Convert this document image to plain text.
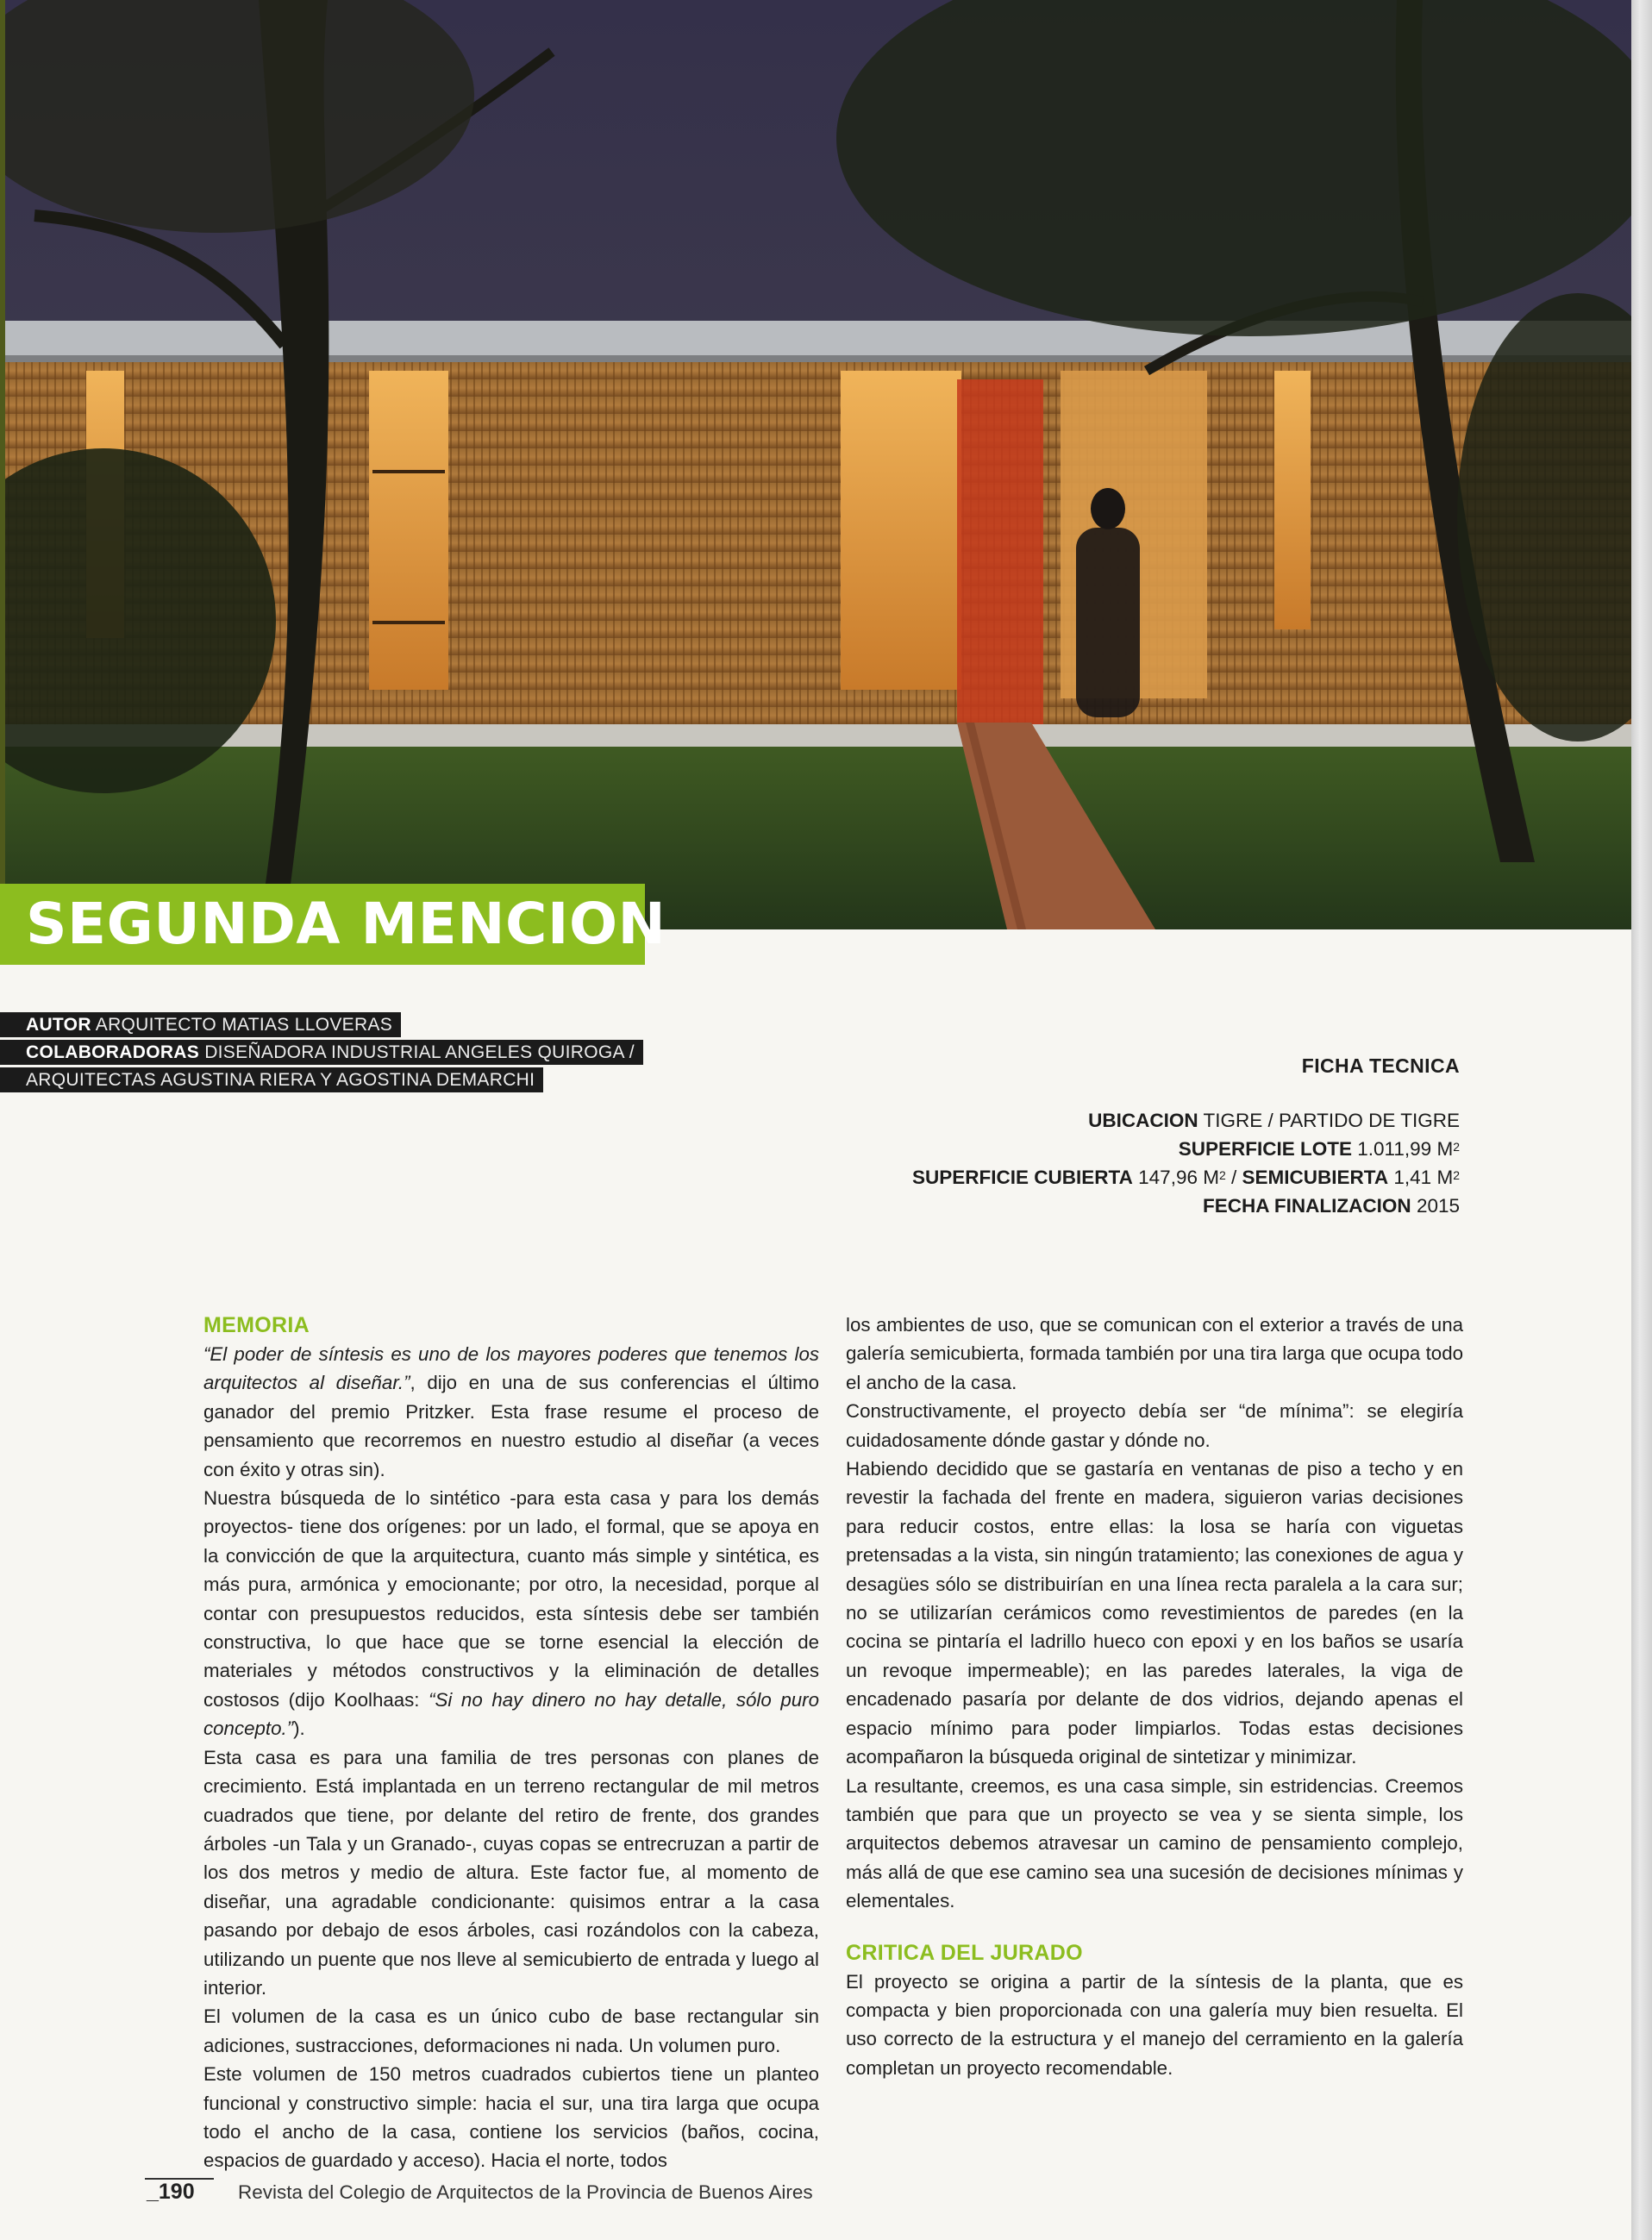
SEGUNDA MENCION
AUTOR ARQUITECTO MATIAS LLOVERAS
COLABORADORAS DISEÑADORA INDUSTRIAL ANGELES QUIROGA /
ARQUITECTAS AGUSTINA RIERA Y AGOSTINA DEMARCHI
FICHA TECNICA
UBICACION TIGRE / PARTIDO DE TIGRE
SUPERFICIE LOTE 1.011,99 $M^2$
SUPERFICIE CUBIERTA 147,96 $M^2$ / SEMICUBIERTA 1,41 $M^2$
FECHA FINALIZACION 2015
MEMORIA

“El poder de síntesis es uno de los mayores poderes que tenemos los arquitectos al diseñar.”, dijo en una de sus conferencias el último ganador del premio Pritzker. Esta frase resume el proceso de pensamiento que recorremos en nuestro estudio al diseñar (a veces con éxito y otras sin).

Nuestra búsqueda de lo sintético -para esta casa y para los demás proyectos- tiene dos orígenes: por un lado, el formal, que se apoya en la convicción de que la arquitectura, cuanto más simple y sintética, es más pura, armónica y emocionante; por otro, la necesidad, porque al contar con presupuestos reducidos, esta síntesis debe ser también constructiva, lo que hace que se torne esencial la elección de materiales y métodos constructivos y la eliminación de detalles costosos (dijo Koolhaas: “Si no hay dinero no hay detalle, sólo puro concepto.”).

Esta casa es para una familia de tres personas con planes de crecimiento. Está implantada en un terreno rectangular de mil metros cuadrados que tiene, por delante del retiro de frente, dos grandes árboles -un Tala y un Granado-, cuyas copas se entrecruzan a partir de los dos metros y medio de altura. Este factor fue, al momento de diseñar, una agradable condicionante: quisimos entrar a la casa pasando por debajo de esos árboles, casi rozándolos con la cabeza, utilizando un puente que nos lleve al semicubierto de entrada y luego al interior.

El volumen de la casa es un único cubo de base rectangular sin adiciones, sustracciones, deformaciones ni nada. Un volumen puro.

Este volumen de 150 metros cuadrados cubiertos tiene un planteo funcional y constructivo simple: hacia el sur, una tira larga que ocupa todo el ancho de la casa, contiene los servicios (baños, cocina, espacios de guardado y acceso). Hacia el norte, todos

los ambientes de uso, que se comunican con el exterior a través de una galería semicubierta, formada también por una tira larga que ocupa todo el ancho de la casa.

Constructivamente, el proyecto debía ser “de mínima”: se elegiría cuidadosamente dónde gastar y dónde no.

Habiendo decidido que se gastaría en ventanas de piso a techo y en revestir la fachada del frente en madera, siguieron varias decisiones para reducir costos, entre ellas: la losa se haría con viguetas pretensadas a la vista, sin ningún tratamiento; las conexiones de agua y desagües sólo se distribuirían en una línea recta paralela a la cara sur; no se utilizarían cerámicos como revestimientos de paredes (en la cocina se pintaría el ladrillo hueco con epoxi y en los baños se usaría un revoque impermeable); en las paredes laterales, la viga de encadenado pasaría por delante de dos vidrios, dejando apenas el espacio mínimo para poder limpiarlos. Todas estas decisiones acompañaron la búsqueda original de sintetizar y minimizar.

La resultante, creemos, es una casa simple, sin estridencias. Creemos también que para que un proyecto se vea y se sienta simple, los arquitectos debemos atravesar un camino de pensamiento complejo, más allá de que ese camino sea una sucesión de decisiones mínimas y elementales.

CRITICA DEL JURADO

El proyecto se origina a partir de la síntesis de la planta, que es compacta y bien proporcionada con una galería muy bien resuelta. El uso correcto de la estructura y el manejo del cerramiento en la galería completan un proyecto recomendable.

_190 Revista del Colegio de Arquitectos de la Provincia de Buenos Aires
